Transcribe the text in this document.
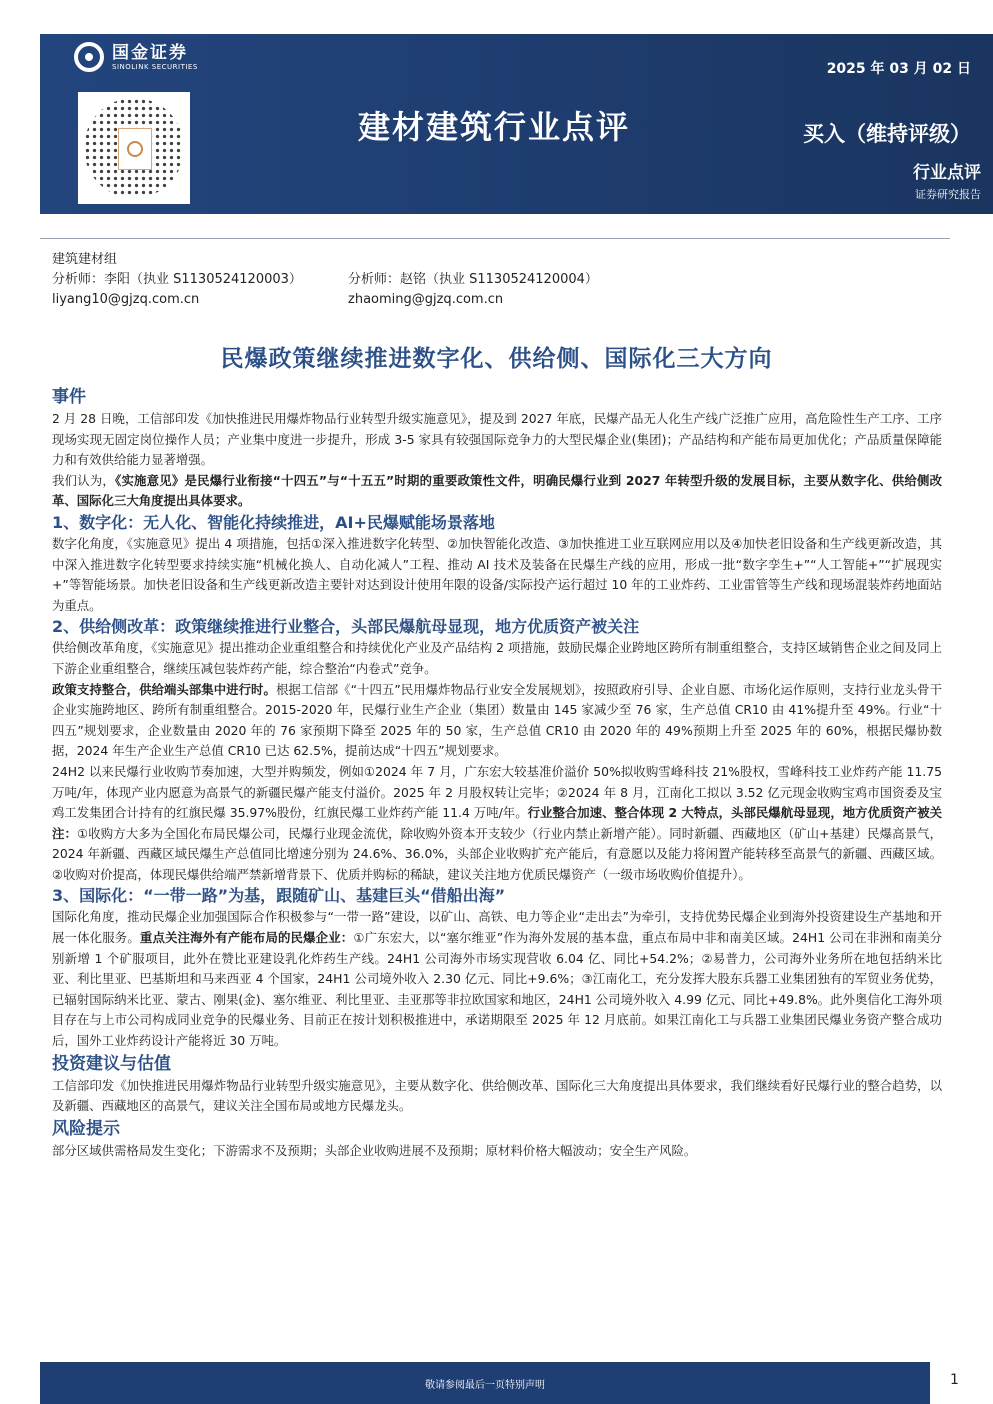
国金证券
SINOLINK SECURITIES	2025 年 03 月 02 日
建材建筑行业点评	买入（维持评级）
行业点评
证券研究报告
建筑建材组
分析师：李阳（执业 S1130524120003）
liyang10@gjzq.com.cn
分析师：赵铭（执业 S1130524120004）
zhaoming@gjzq.com.cn
民爆政策继续推进数字化、供给侧、国际化三大方向
事件

2 月 28 日晚，工信部印发《加快推进民用爆炸物品行业转型升级实施意见》，提及到 2027 年底，民爆产品无人化生产线广泛推广应用，高危险性生产工序、工序现场实现无固定岗位操作人员；产业集中度进一步提升，形成 3-5 家具有较强国际竞争力的大型民爆企业(集团)；产品结构和产能布局更加优化；产品质量保障能力和有效供给能力显著增强。

我们认为，《实施意见》是民爆行业衔接“十四五”与“十五五”时期的重要政策性文件，明确民爆行业到 2027 年转型升级的发展目标，主要从数字化、供给侧改革、国际化三大角度提出具体要求。

1、数字化：无人化、智能化持续推进，AI+民爆赋能场景落地

数字化角度，《实施意见》提出 4 项措施，包括①深入推进数字化转型、②加快智能化改造、③加快推进工业互联网应用以及④加快老旧设备和生产线更新改造，其中深入推进数字化转型要求持续实施“机械化换人、自动化减人”工程、推动 AI 技术及装备在民爆生产线的应用，形成一批“数字孪生+”“人工智能+”“扩展现实+”等智能场景。加快老旧设备和生产线更新改造主要针对达到设计使用年限的设备/实际投产运行超过 10 年的工业炸药、工业雷管等生产线和现场混装炸药地面站为重点。

2、供给侧改革：政策继续推进行业整合，头部民爆航母显现，地方优质资产被关注

供给侧改革角度，《实施意见》提出推动企业重组整合和持续优化产业及产品结构 2 项措施，鼓励民爆企业跨地区跨所有制重组整合，支持区域销售企业之间及同上下游企业重组整合，继续压减包装炸药产能，综合整治“内卷式”竞争。

政策支持整合，供给端头部集中进行时。根据工信部《“十四五”民用爆炸物品行业安全发展规划》，按照政府引导、企业自愿、市场化运作原则，支持行业龙头骨干企业实施跨地区、跨所有制重组整合。2015-2020 年，民爆行业生产企业（集团）数量由 145 家减少至 76 家，生产总值 CR10 由 41%提升至 49%。行业“十四五”规划要求，企业数量由 2020 年的 76 家预期下降至 2025 年的 50 家，生产总值 CR10 由 2020 年的 49%预期上升至 2025 年的 60%，根据民爆协数据，2024 年生产企业生产总值 CR10 已达 62.5%，提前达成“十四五”规划要求。

24H2 以来民爆行业收购节奏加速，大型并购频发，例如①2024 年 7 月，广东宏大较基准价溢价 50%拟收购雪峰科技 21%股权，雪峰科技工业炸药产能 11.75 万吨/年，体现产业内愿意为高景气的新疆民爆产能支付溢价。2025 年 2 月股权转让完毕；②2024 年 8 月，江南化工拟以 3.52 亿元现金收购宝鸡市国资委及宝鸡工发集团合计持有的红旗民爆 35.97%股份，红旗民爆工业炸药产能 11.4 万吨/年。行业整合加速、整合体现 2 大特点，头部民爆航母显现，地方优质资产被关注：①收购方大多为全国化布局民爆公司，民爆行业现金流优，除收购外资本开支较少（行业内禁止新增产能）。同时新疆、西藏地区（矿山+基建）民爆高景气，2024 年新疆、西藏区域民爆生产总值同比增速分别为 24.6%、36.0%，头部企业收购扩充产能后，有意愿以及能力将闲置产能转移至高景气的新疆、西藏区域。②收购对价提高，体现民爆供给端严禁新增背景下、优质并购标的稀缺，建议关注地方优质民爆资产（一级市场收购价值提升）。

3、国际化：“一带一路”为基，跟随矿山、基建巨头“借船出海”

国际化角度，推动民爆企业加强国际合作积极参与“一带一路”建设，以矿山、高铁、电力等企业“走出去”为牵引，支持优势民爆企业到海外投资建设生产基地和开展一体化服务。重点关注海外有产能布局的民爆企业：①广东宏大，以“塞尔维亚”作为海外发展的基本盘，重点布局中非和南美区域。24H1 公司在非洲和南美分别新增 1 个矿服项目，此外在赞比亚建设乳化炸药生产线。24H1 公司海外市场实现营收 6.04 亿、同比+54.2%；②易普力，公司海外业务所在地包括纳米比亚、利比里亚、巴基斯坦和马来西亚 4 个国家，24H1 公司境外收入 2.30 亿元、同比+9.6%；③江南化工，充分发挥大股东兵器工业集团独有的军贸业务优势，已辐射国际纳米比亚、蒙古、刚果(金)、塞尔维亚、利比里亚、圭亚那等非拉欧国家和地区，24H1 公司境外收入 4.99 亿元、同比+49.8%。此外奥信化工海外项目存在与上市公司构成同业竞争的民爆业务、目前正在按计划积极推进中，承诺期限至 2025 年 12 月底前。如果江南化工与兵器工业集团民爆业务资产整合成功后，国外工业炸药设计产能将近 30 万吨。

投资建议与估值

工信部印发《加快推进民用爆炸物品行业转型升级实施意见》，主要从数字化、供给侧改革、国际化三大角度提出具体要求，我们继续看好民爆行业的整合趋势，以及新疆、西藏地区的高景气，建议关注全国布局或地方民爆龙头。

风险提示

部分区域供需格局发生变化；下游需求不及预期；头部企业收购进展不及预期；原材料价格大幅波动；安全生产风险。

敬请参阅最后一页特别声明	1
